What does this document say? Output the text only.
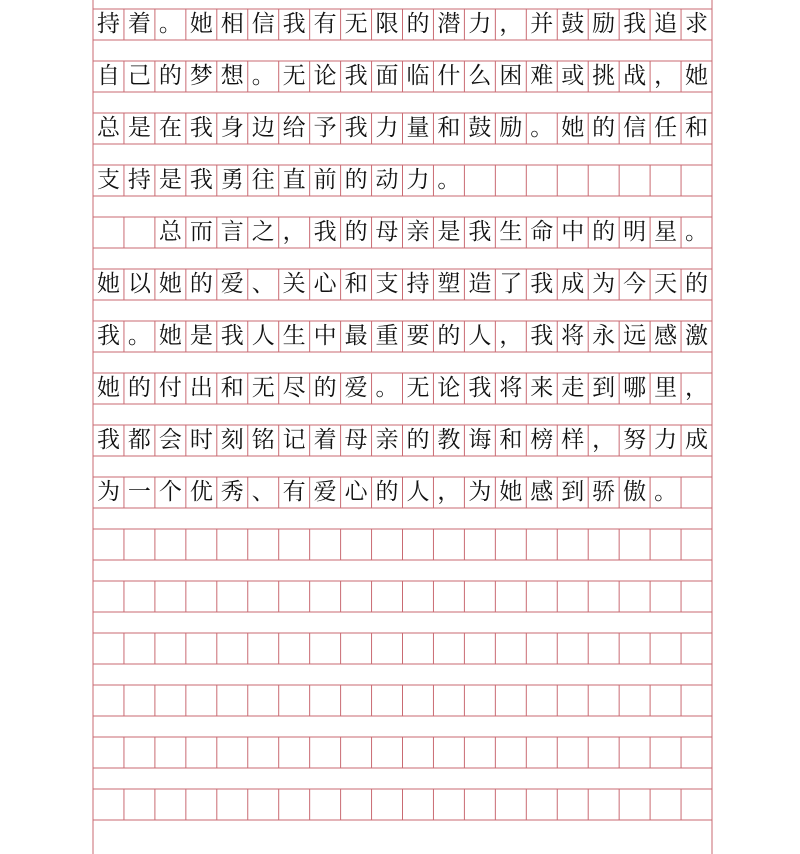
持 着 。 她 相 信 我 有 无 限 的 潜 力 ， 并 鼓 励 我 追 求
自 己 的 梦 想 。 无 论 我 面 临 什 么 困 难 或 挑 战 ， 她
总 是 在 我 身 边 给 予 我 力 量 和 鼓 励 。 她 的 信 任 和
支 持 是 我 勇 往 直 前 的 动 力 。
总 而 言 之 ， 我 的 母 亲 是 我 生 命 中 的 明 星 。
她 以 她 的 爱 、 关 心 和 支 持 塑 造 了 我 成 为 今 天 的
我 。 她 是 我 人 生 中 最 重 要 的 人 ， 我 将 永 远 感 激
她 的 付 出 和 无 尽 的 爱 。 无 论 我 将 来 走 到 哪 里 ，
我 都 会 时 刻 铭 记 着 母 亲 的 教 诲 和 榜 样 ， 努 力 成
为 一 个 优 秀 、 有 爱 心 的 人 ， 为 她 感 到 骄 傲 。
